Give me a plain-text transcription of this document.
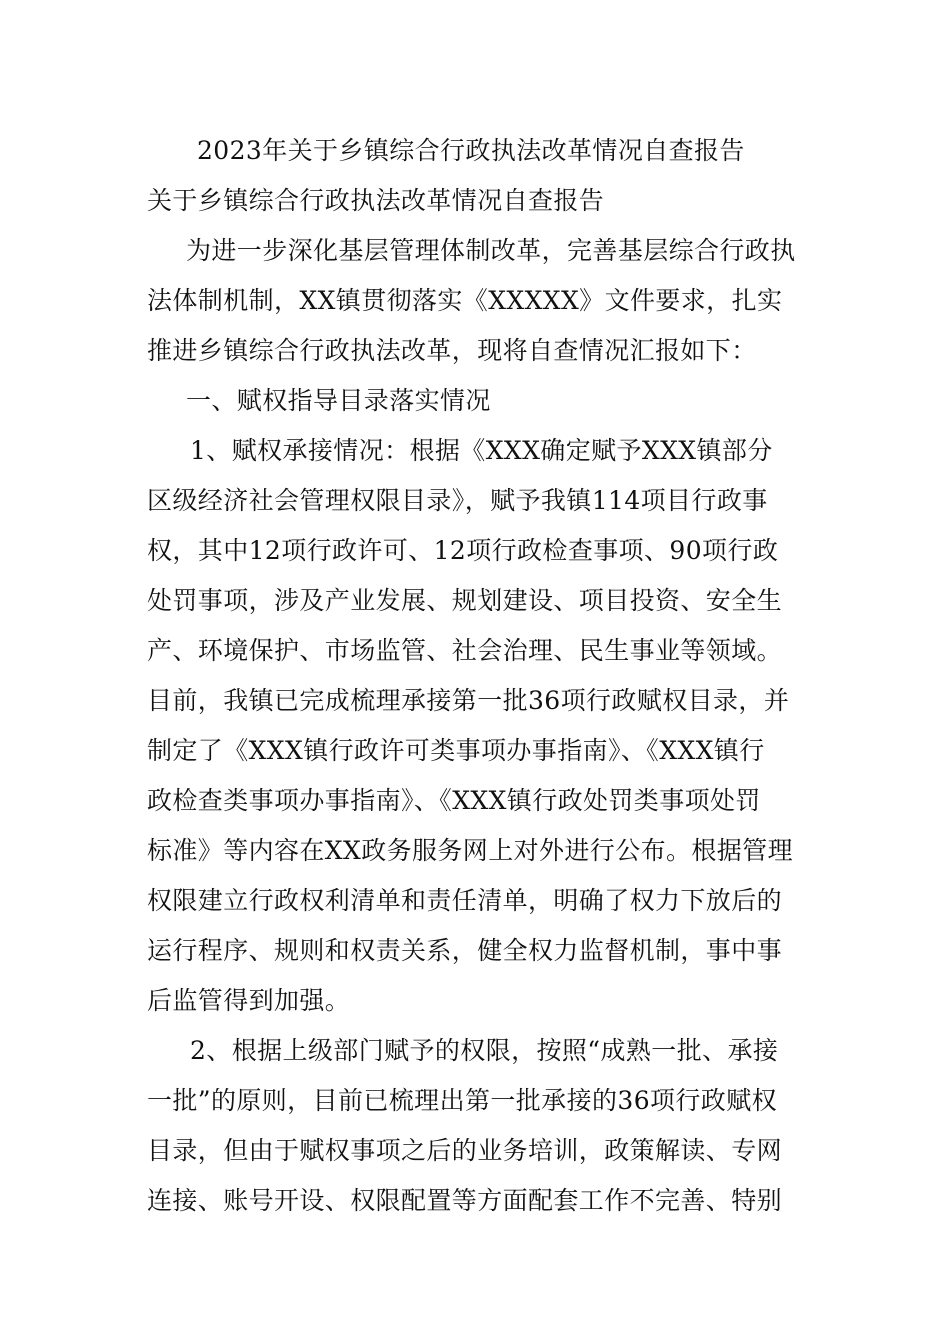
2023年关于乡镇综合行政执法改革情况自查报告

关于乡镇综合行政执法改革情况自查报告

为进一步深化基层管理体制改革，完善基层综合行政执

法体制机制，XX镇贯彻落实《XXXXX》文件要求，扎实

推进乡镇综合行政执法改革，现将自查情况汇报如下：

一、赋权指导目录落实情况

1、赋权承接情况：根据《XXX确定赋予XXX镇部分

区级经济社会管理权限目录》，赋予我镇114项目行政事

权，其中12项行政许可、12项行政检查事项、90项行政

处罚事项，涉及产业发展、规划建设、项目投资、安全生

产、环境保护、市场监管、社会治理、民生事业等领域。

目前，我镇已完成梳理承接第一批36项行政赋权目录，并

制定了《XXX镇行政许可类事项办事指南》、《XXX镇行

政检查类事项办事指南》、《XXX镇行政处罚类事项处罚

标准》等内容在XX政务服务网上对外进行公布。根据管理

权限建立行政权利清单和责任清单，明确了权力下放后的

运行程序、规则和权责关系，健全权力监督机制，事中事

后监管得到加强。

2、根据上级部门赋予的权限，按照“成熟一批、承接

一批”的原则，目前已梳理出第一批承接的36项行政赋权

目录，但由于赋权事项之后的业务培训，政策解读、专网

连接、账号开设、权限配置等方面配套工作不完善、特别
